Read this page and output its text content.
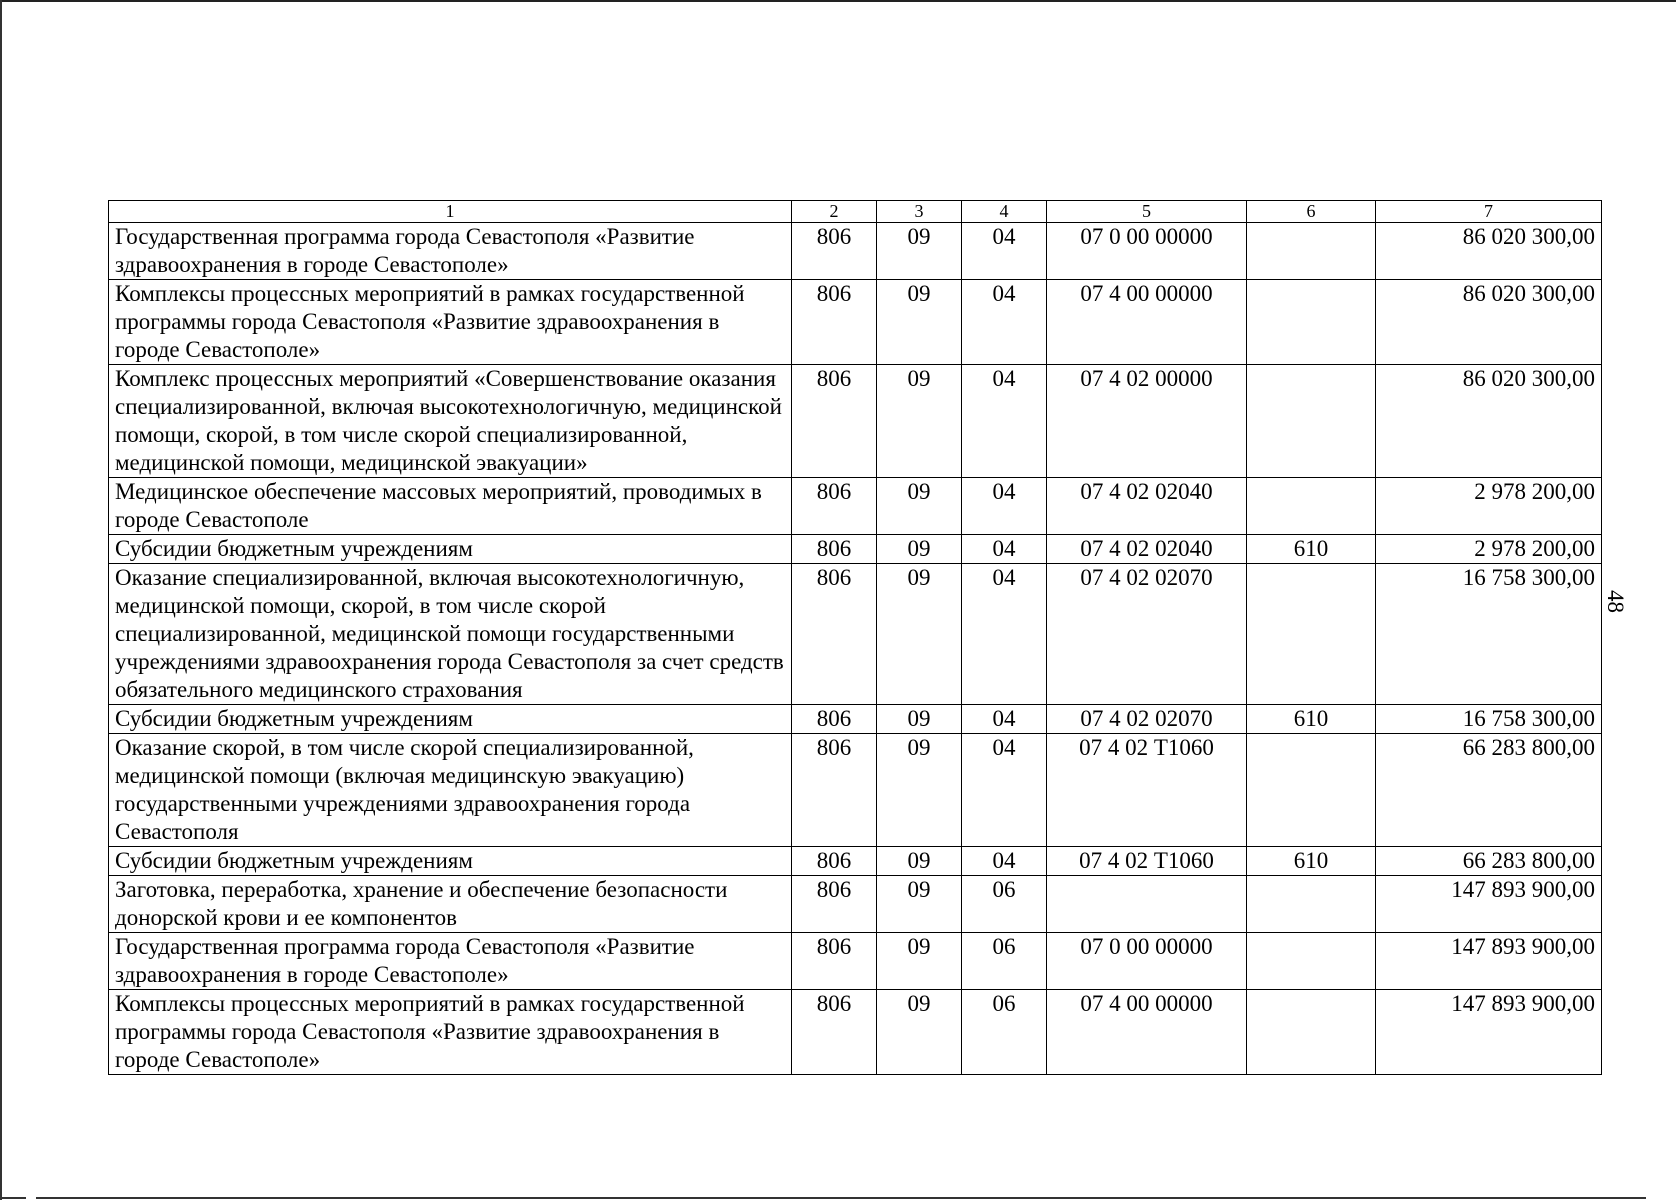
48
1	2	3	4	5	6	7
Государственная программа города Севастополя «Развитие здравоохранения в городе Севастополе»	806	09	04	07 0 00 00000		86 020 300,00
Комплексы процессных мероприятий в рамках государственной программы города Севастополя «Развитие здравоохранения в городе Севастополе»	806	09	04	07 4 00 00000		86 020 300,00
Комплекс процессных мероприятий «Совершенствование оказания специализированной, включая высокотехнологичную, медицинской помощи, скорой, в том числе скорой специализированной, медицинской помощи, медицинской эвакуации»	806	09	04	07 4 02 00000		86 020 300,00
Медицинское обеспечение массовых мероприятий, проводимых в городе Севастополе	806	09	04	07 4 02 02040		2 978 200,00
Субсидии бюджетным учреждениям	806	09	04	07 4 02 02040	610	2 978 200,00
Оказание специализированной, включая высокотехнологичную, медицинской помощи, скорой, в том числе скорой специализированной, медицинской помощи государственными учреждениями здравоохранения города Севастополя за счет средств обязательного медицинского страхования	806	09	04	07 4 02 02070		16 758 300,00
Субсидии бюджетным учреждениям	806	09	04	07 4 02 02070	610	16 758 300,00
Оказание скорой, в том числе скорой специализированной, медицинской помощи (включая медицинскую эвакуацию) государственными учреждениями здравоохранения города Севастополя	806	09	04	07 4 02 Т1060		66 283 800,00
Субсидии бюджетным учреждениям	806	09	04	07 4 02 Т1060	610	66 283 800,00
Заготовка, переработка, хранение и обеспечение безопасности донорской крови и ее компонентов	806	09	06			147 893 900,00
Государственная программа города Севастополя «Развитие здравоохранения в городе Севастополе»	806	09	06	07 0 00 00000		147 893 900,00
Комплексы процессных мероприятий в рамках государственной программы города Севастополя «Развитие здравоохранения в городе Севастополе»	806	09	06	07 4 00 00000		147 893 900,00
